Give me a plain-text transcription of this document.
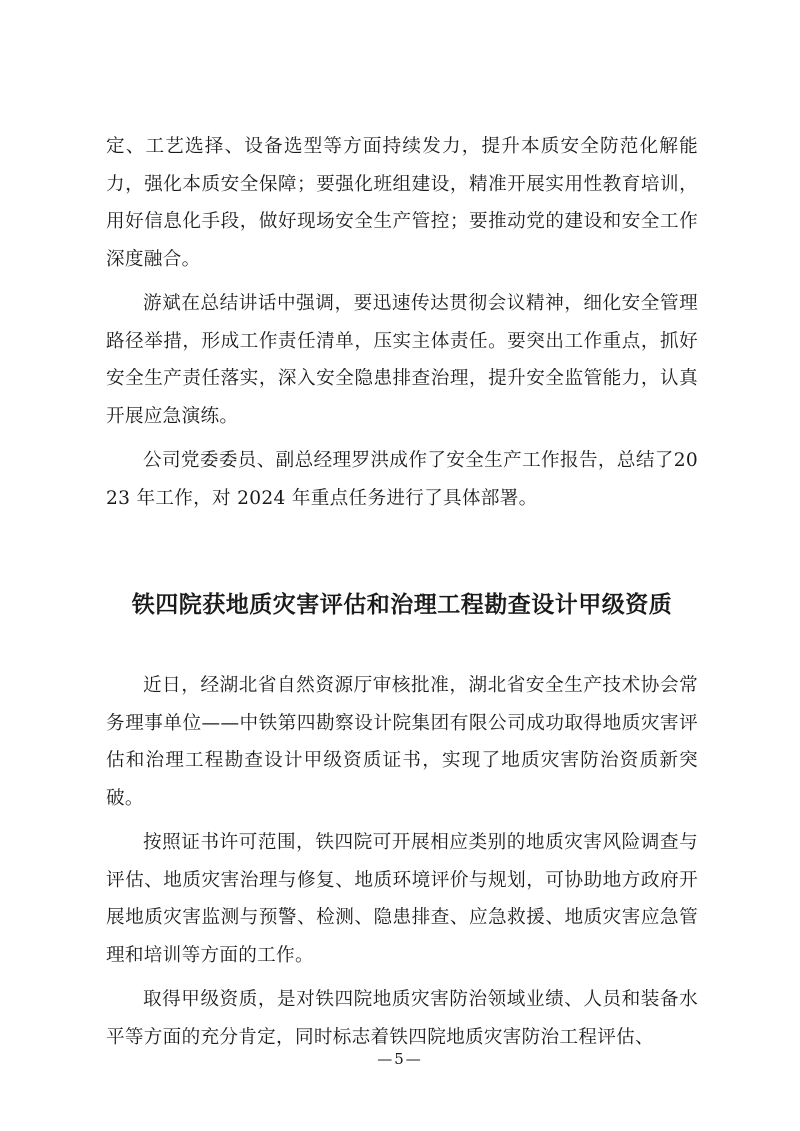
定、工艺选择、设备选型等方面持续发力，提升本质安全防范化解能力，强化本质安全保障；要强化班组建设，精准开展实用性教育培训，用好信息化手段，做好现场安全生产管控；要推动党的建设和安全工作深度融合。

游斌在总结讲话中强调，要迅速传达贯彻会议精神，细化安全管理路径举措，形成工作责任清单，压实主体责任。要突出工作重点，抓好安全生产责任落实，深入安全隐患排查治理，提升安全监管能力，认真开展应急演练。

公司党委委员、副总经理罗洪成作了安全生产工作报告，总结了2023 年工作，对 2024 年重点任务进行了具体部署。

铁四院获地质灾害评估和治理工程勘查设计甲级资质

近日，经湖北省自然资源厅审核批准，湖北省安全生产技术协会常务理事单位——中铁第四勘察设计院集团有限公司成功取得地质灾害评估和治理工程勘查设计甲级资质证书，实现了地质灾害防治资质新突破。

按照证书许可范围，铁四院可开展相应类别的地质灾害风险调查与评估、地质灾害治理与修复、地质环境评价与规划，可协助地方政府开展地质灾害监测与预警、检测、隐患排查、应急救援、地质灾害应急管理和培训等方面的工作。

取得甲级资质，是对铁四院地质灾害防治领域业绩、人员和装备水平等方面的充分肯定，同时标志着铁四院地质灾害防治工程评估、

—5—
